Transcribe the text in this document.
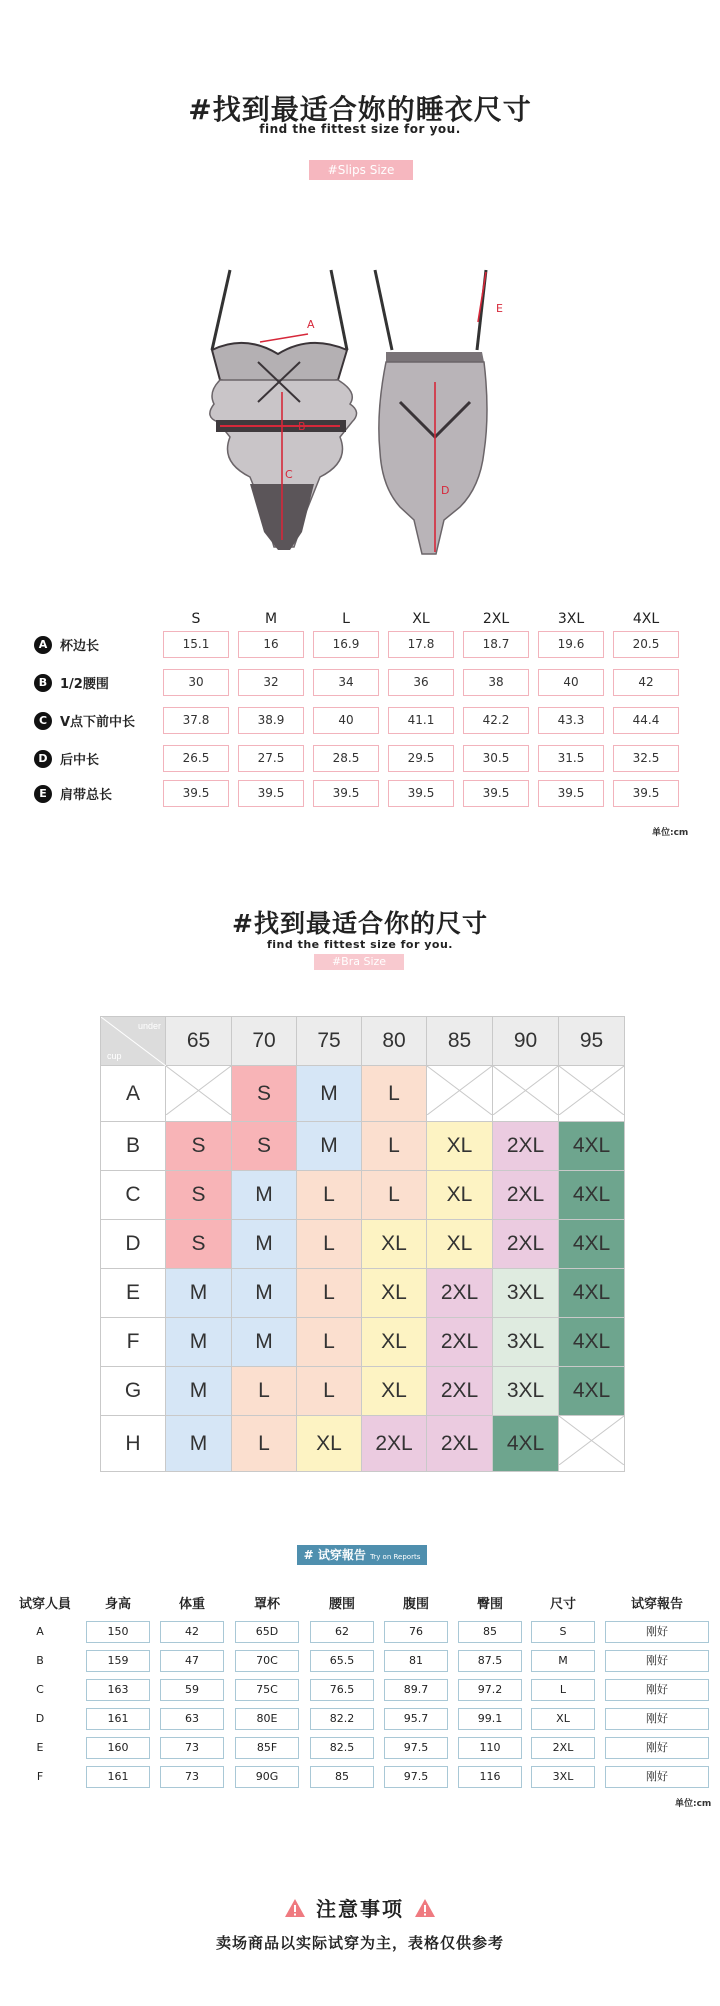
#找到最适合妳的睡衣尺寸
find the fittest size for you.
#Slips Size
A
B
C
D
E
S	M	L	XL	2XL	3XL	4XL
A 杯边长	15.1	16	16.9	17.8	18.7	19.6	20.5
B 1/2腰围	30	32	34	36	38	40	42
C V点下前中长	37.8	38.9	40	41.1	42.2	43.3	44.4
D 后中长	26.5	27.5	28.5	29.5	30.5	31.5	32.5
E	肩带总长	39.5	39.5	39.5	39.5	39.5	39.5	39.5
单位:cm
#找到最适合你的尺寸
find the fittest size for you.
#Bra Size
under
cup	65	70	75	80	85	90	95
A		S	M	L			
B	S	S	M	L	XL	2XL	4XL
C	S	M	L	L	XL	2XL	4XL
D	S	M	L	XL	XL	2XL	4XL
E	M	M	L	XL	2XL	3XL	4XL
F	M	M	L	XL	2XL	3XL	4XL
G	M	L	L	XL	2XL	3XL	4XL
H	M	L	XL	2XL	2XL	4XL	
# 试穿報告 Try on Reports
试穿人員	身高	体重	罩杯	腰围	腹围	臀围	尺寸	试穿報告
A	150	42	65D	62	76	85	S	刚好
B	159	47	70C	65.5	81	87.5	M	刚好
C	163	59	75C	76.5	89.7	97.2	L	刚好
D	161	63	80E	82.2	95.7	99.1	XL	刚好
E	160	73	85F	82.5	97.5	110	2XL	刚好
F	161	73	90G	85	97.5	116	3XL	刚好
单位:cm
注意事项
卖场商品以实际试穿为主，表格仅供参考
